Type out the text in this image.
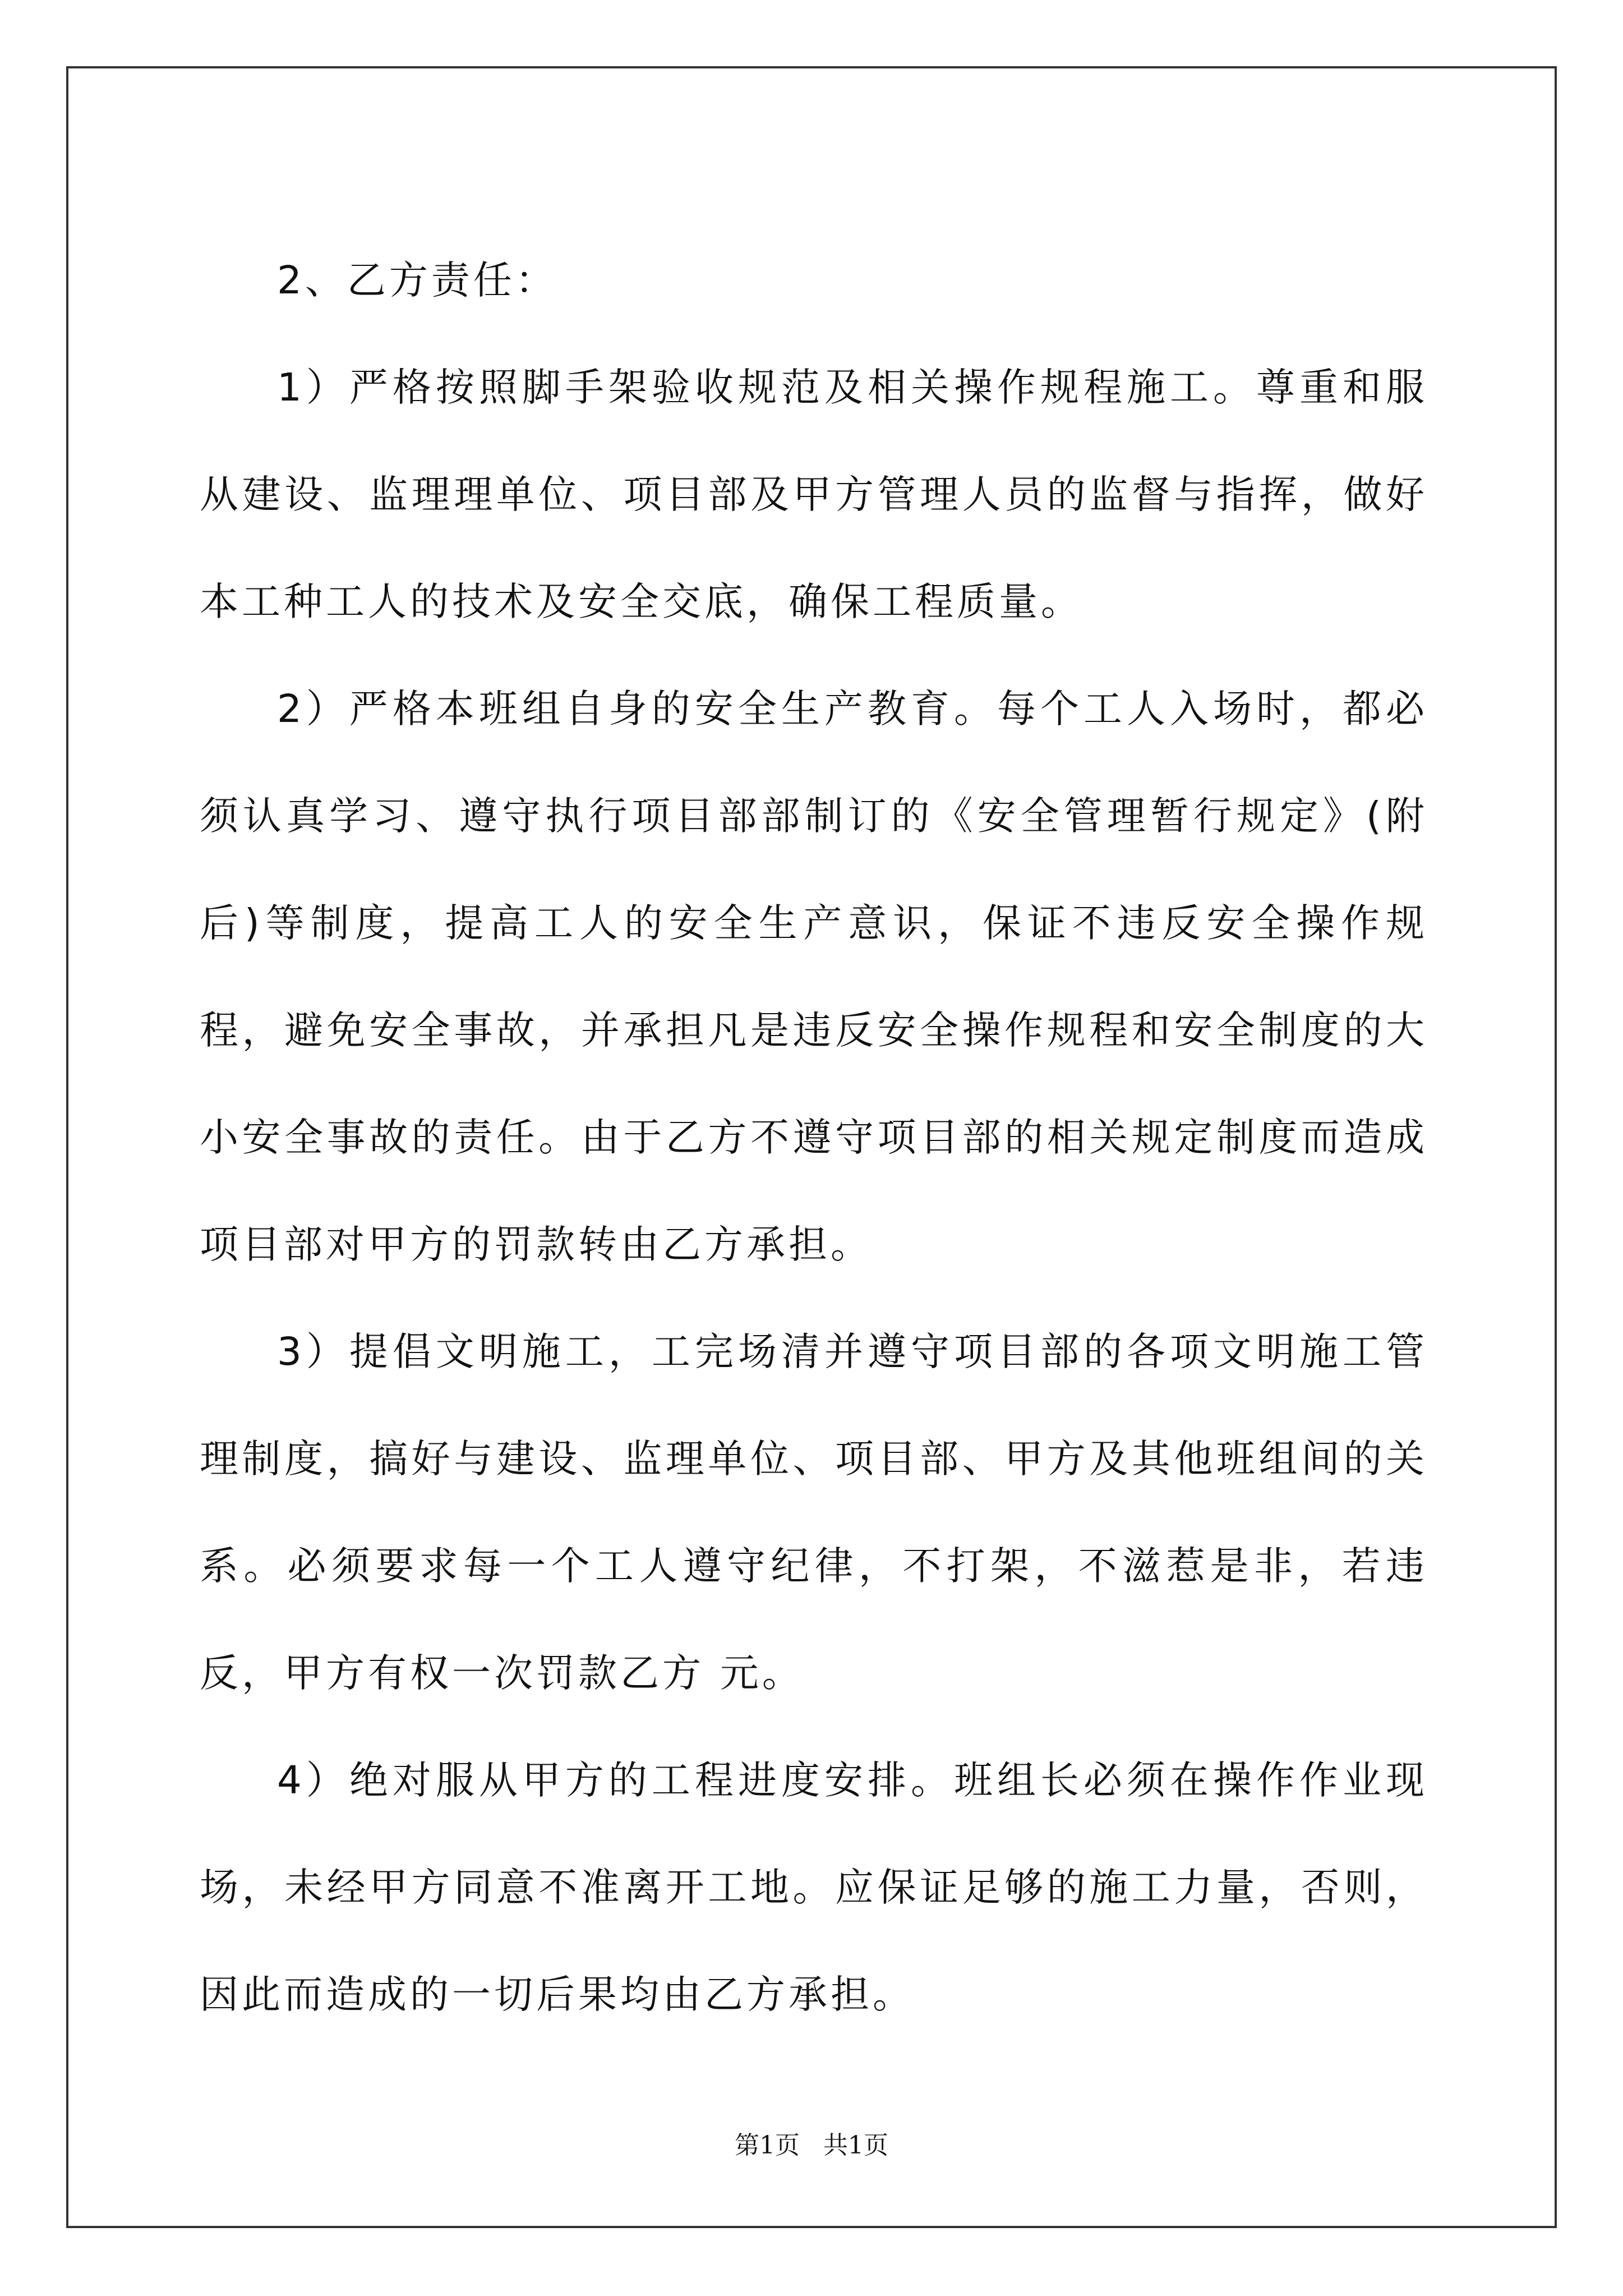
2、乙方责任：

1）严格按照脚手架验收规范及相关操作规程施工。尊重和服从建设、监理理单位、项目部及甲方管理人员的监督与指挥，做好本工种工人的技术及安全交底，确保工程质量。

2）严格本班组自身的安全生产教育。每个工人入场时，都必须认真学习、遵守执行项目部部制订的《安全管理暂行规定》(附后)等制度，提高工人的安全生产意识，保证不违反安全操作规程，避免安全事故，并承担凡是违反安全操作规程和安全制度的大小安全事故的责任。由于乙方不遵守项目部的相关规定制度而造成项目部对甲方的罚款转由乙方承担。

3）提倡文明施工，工完场清并遵守项目部的各项文明施工管理制度，搞好与建设、监理单位、项目部、甲方及其他班组间的关系。必须要求每一个工人遵守纪律，不打架，不滋惹是非，若违反，甲方有权一次罚款乙方 元。

4）绝对服从甲方的工程进度安排。班组长必须在操作作业现场，未经甲方同意不准离开工地。应保证足够的施工力量，否则，因此而造成的一切后果均由乙方承担。

第1页   共1页
